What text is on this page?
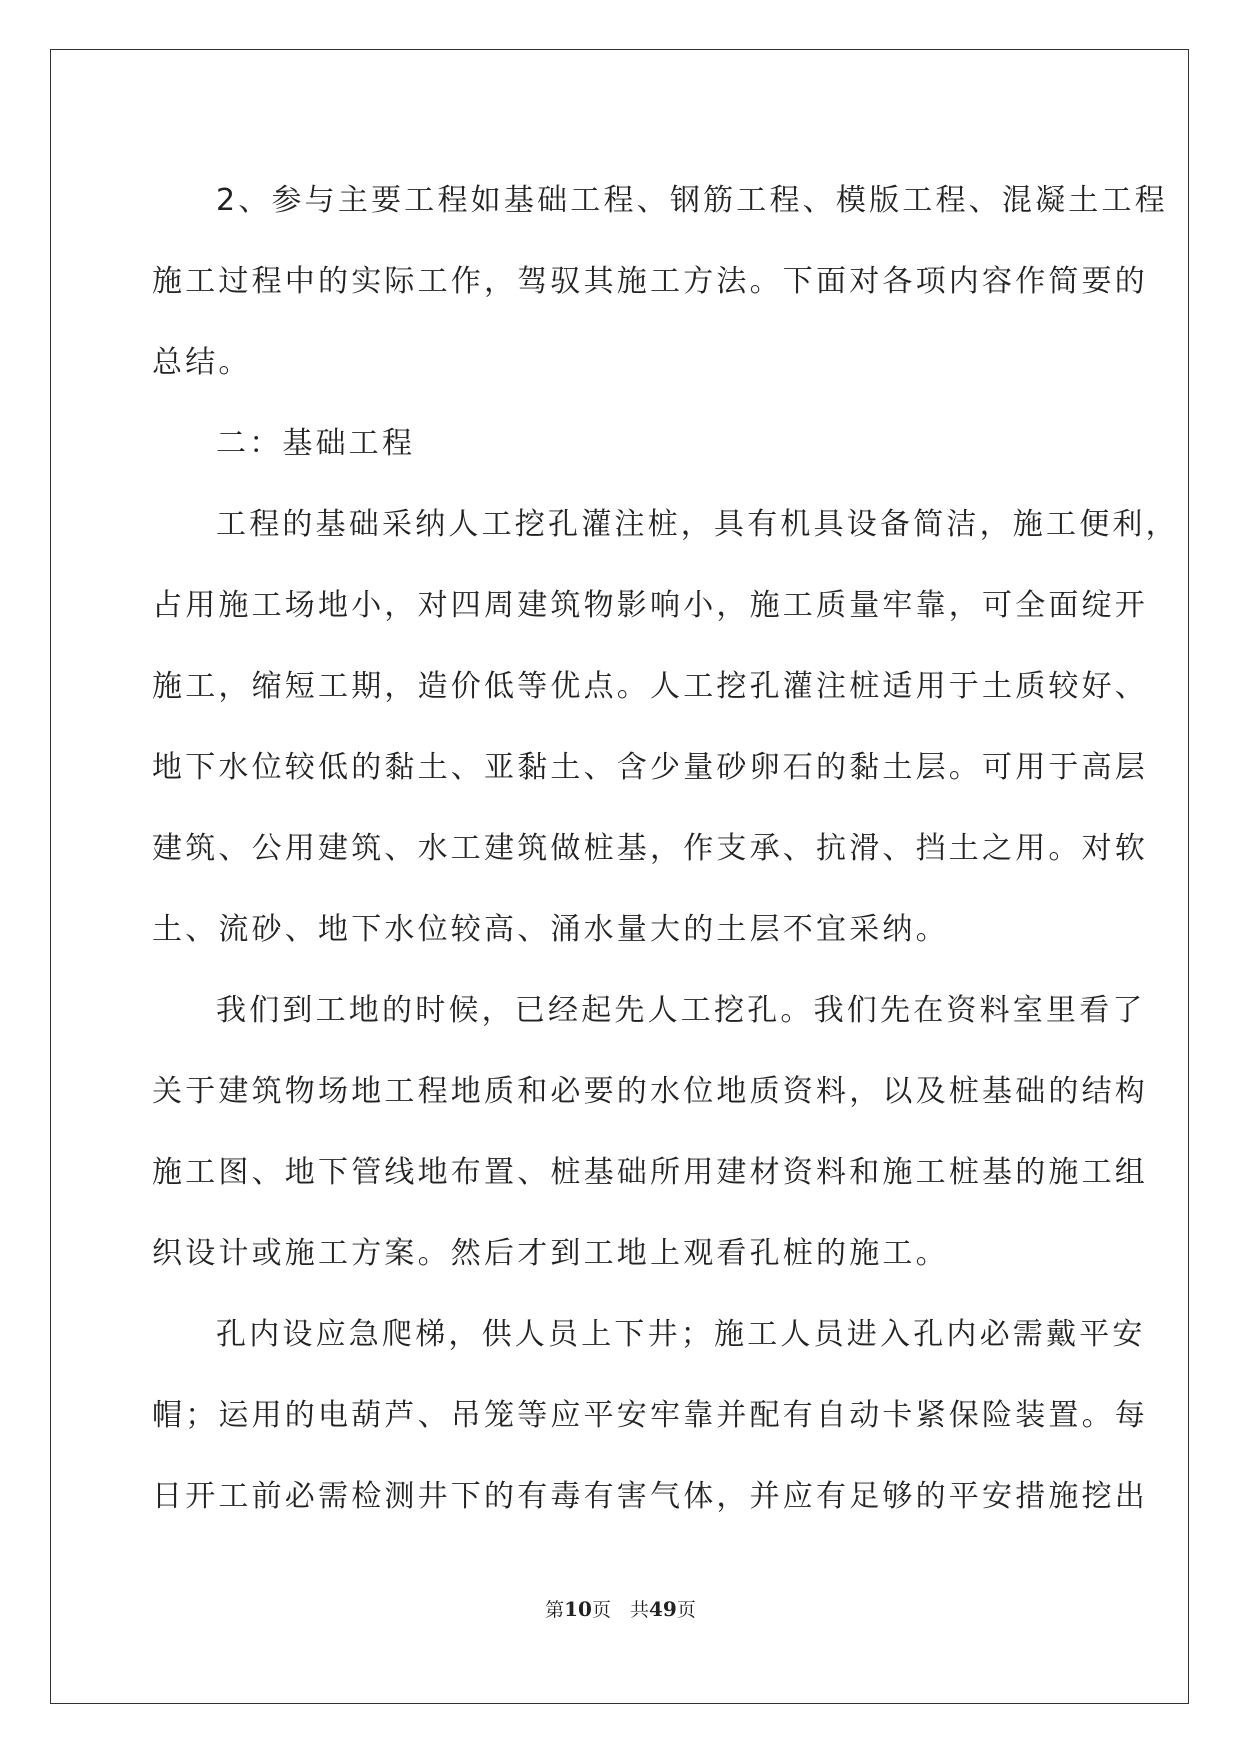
2、参与主要工程如基础工程、钢筋工程、模版工程、混凝土工程
施工过程中的实际工作，驾驭其施工方法。下面对各项内容作简要的
总结。
二：基础工程
工程的基础采纳人工挖孔灌注桩，具有机具设备简洁，施工便利，
占用施工场地小，对四周建筑物影响小，施工质量牢靠，可全面绽开
施工，缩短工期，造价低等优点。人工挖孔灌注桩适用于土质较好、
地下水位较低的黏土、亚黏土、含少量砂卵石的黏土层。可用于高层
建筑、公用建筑、水工建筑做桩基，作支承、抗滑、挡土之用。对软
土、流砂、地下水位较高、涌水量大的土层不宜采纳。
我们到工地的时候，已经起先人工挖孔。我们先在资料室里看了
关于建筑物场地工程地质和必要的水位地质资料，以及桩基础的结构
施工图、地下管线地布置、桩基础所用建材资料和施工桩基的施工组
织设计或施工方案。然后才到工地上观看孔桩的施工。
孔内设应急爬梯，供人员上下井；施工人员进入孔内必需戴平安
帽；运用的电葫芦、吊笼等应平安牢靠并配有自动卡紧保险装置。每
日开工前必需检测井下的有毒有害气体，并应有足够的平安措施挖出
第10页　共49页
